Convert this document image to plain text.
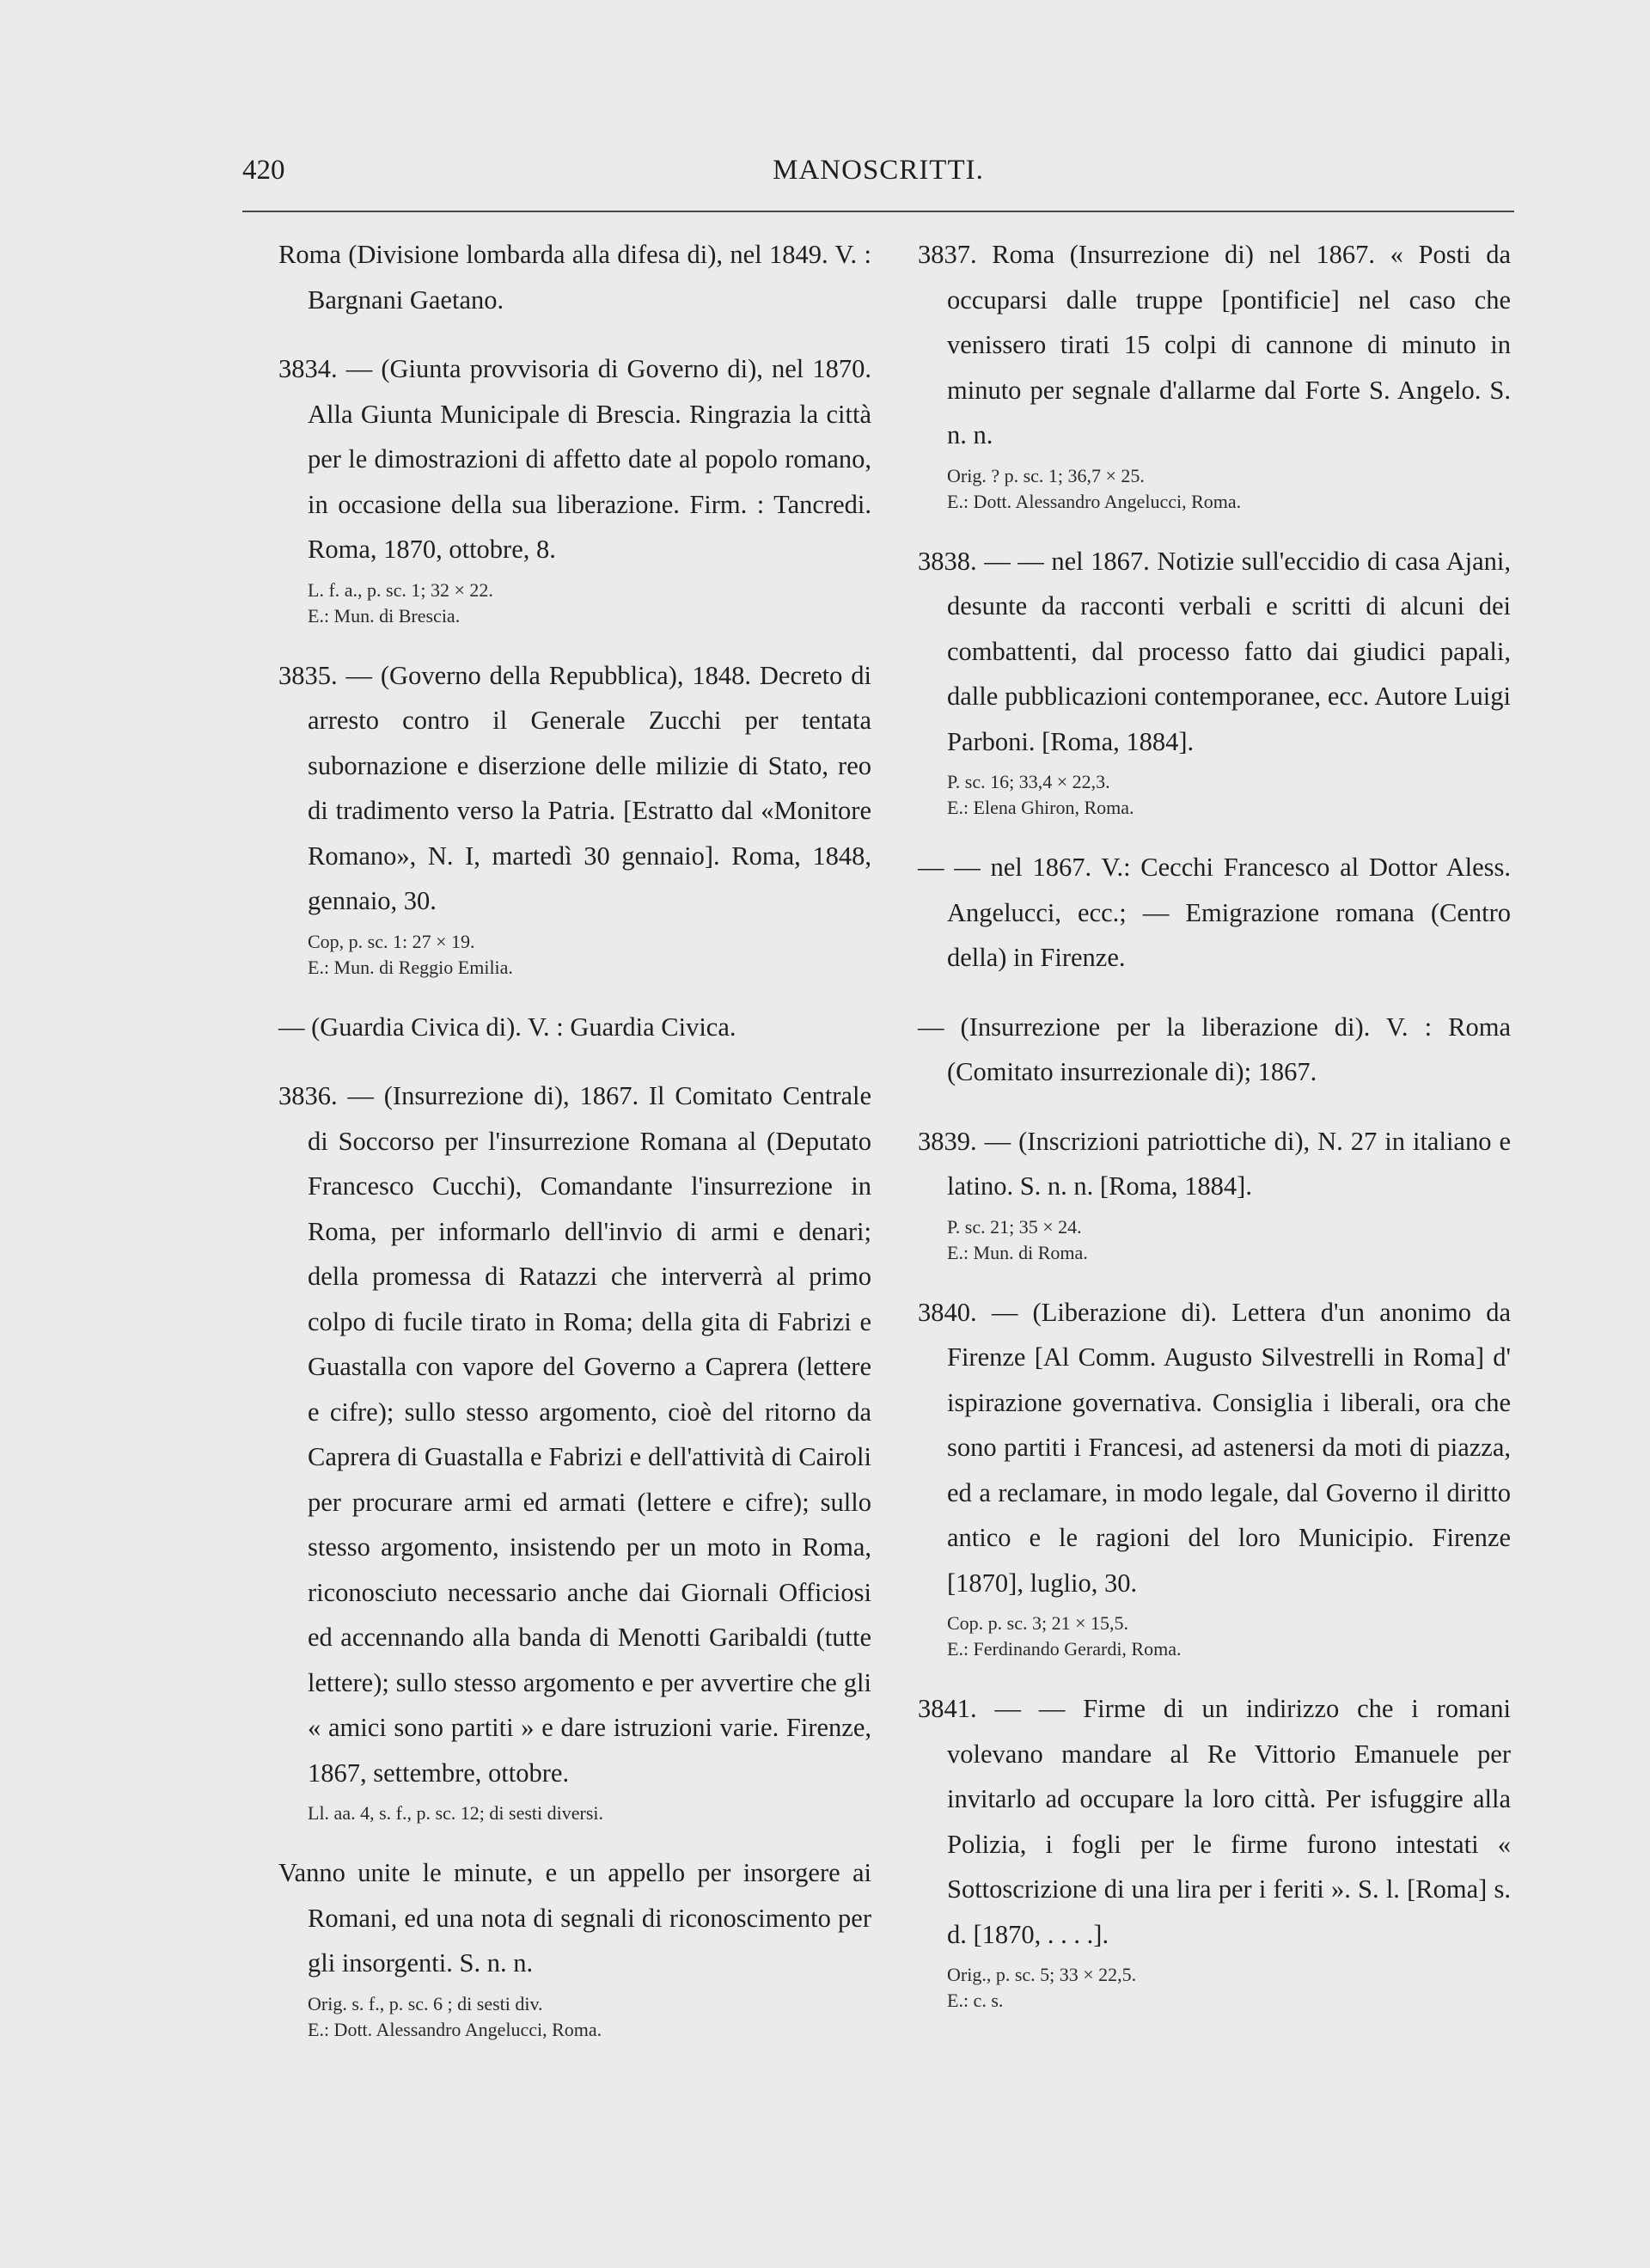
420	MANOSCRITTI.

Roma (Divisione lombarda alla difesa di), nel 1849. V. : Bargnani Gaetano.

3834. — (Giunta provvisoria di Governo di), nel 1870. Alla Giunta Municipale di Brescia. Ringrazia la città per le dimostrazioni di affetto date al popolo romano, in occasione della sua liberazione. Firm. : Tancredi. Roma, 1870, ottobre, 8.

L. f. a., p. sc. 1; 32 × 22.

E.: Mun. di Brescia.

3835. — (Governo della Repubblica), 1848. Decreto di arresto contro il Generale Zucchi per tentata subornazione e diserzione delle milizie di Stato, reo di tradimento verso la Patria. [Estratto dal «Monitore Romano», N. I, martedì 30 gennaio]. Roma, 1848, gennaio, 30.

Cop, p. sc. 1: 27 × 19.

E.: Mun. di Reggio Emilia.

— (Guardia Civica di). V. : Guardia Civica.

3836. — (Insurrezione di), 1867. Il Comitato Centrale di Soccorso per l'insurrezione Romana al (Deputato Francesco Cucchi), Comandante l'insurrezione in Roma, per informarlo dell'invio di armi e denari; della promessa di Ratazzi che interverrà al primo colpo di fucile tirato in Roma; della gita di Fabrizi e Guastalla con vapore del Governo a Caprera (lettere e cifre); sullo stesso argomento, cioè del ritorno da Caprera di Guastalla e Fabrizi e dell'attività di Cairoli per procurare armi ed armati (lettere e cifre); sullo stesso argomento, insistendo per un moto in Roma, riconosciuto necessario anche dai Giornali Officiosi ed accennando alla banda di Menotti Garibaldi (tutte lettere); sullo stesso argomento e per avvertire che gli « amici sono partiti » e dare istruzioni varie. Firenze, 1867, settembre, ottobre.

Ll. aa. 4, s. f., p. sc. 12; di sesti diversi.

Vanno unite le minute, e un appello per insorgere ai Romani, ed una nota di segnali di riconoscimento per gli insorgenti. S. n. n.

Orig. s. f., p. sc. 6 ; di sesti div.

E.: Dott. Alessandro Angelucci, Roma.

3837. Roma (Insurrezione di) nel 1867. « Posti da occuparsi dalle truppe [pontificie] nel caso che venissero tirati 15 colpi di cannone di minuto in minuto per segnale d'allarme dal Forte S. Angelo. S. n. n.

Orig. ? p. sc. 1; 36,7 × 25.

E.: Dott. Alessandro Angelucci, Roma.

3838. — — nel 1867. Notizie sull'eccidio di casa Ajani, desunte da racconti verbali e scritti di alcuni dei combattenti, dal processo fatto dai giudici papali, dalle pubblicazioni contemporanee, ecc. Autore Luigi Parboni. [Roma, 1884].

P. sc. 16; 33,4 × 22,3.

E.: Elena Ghiron, Roma.

— — nel 1867. V.: Cecchi Francesco al Dottor Aless. Angelucci, ecc.; — Emigrazione romana (Centro della) in Firenze.

— (Insurrezione per la liberazione di). V. : Roma (Comitato insurrezionale di); 1867.

3839. — (Inscrizioni patriottiche di), N. 27 in italiano e latino. S. n. n. [Roma, 1884].

P. sc. 21; 35 × 24.

E.: Mun. di Roma.

3840. — (Liberazione di). Lettera d'un anonimo da Firenze [Al Comm. Augusto Silvestrelli in Roma] d' ispirazione governativa. Consiglia i liberali, ora che sono partiti i Francesi, ad astenersi da moti di piazza, ed a reclamare, in modo legale, dal Governo il diritto antico e le ragioni del loro Municipio. Firenze [1870], luglio, 30.

Cop. p. sc. 3; 21 × 15,5.

E.: Ferdinando Gerardi, Roma.

3841. — — Firme di un indirizzo che i romani volevano mandare al Re Vittorio Emanuele per invitarlo ad occupare la loro città. Per isfuggire alla Polizia, i fogli per le firme furono intestati « Sottoscrizione di una lira per i feriti ». S. l. [Roma] s. d. [1870, . . . .].

Orig., p. sc. 5; 33 × 22,5.

E.: c. s.
